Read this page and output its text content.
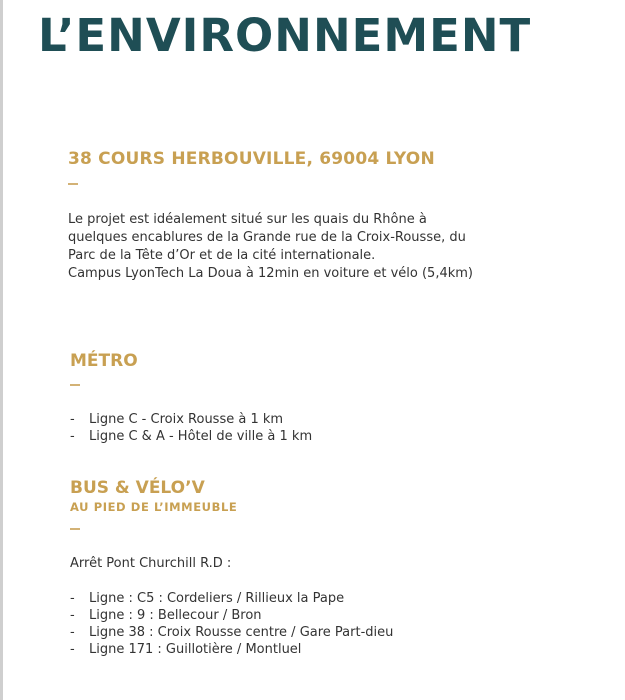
L’ENVIRONNEMENT
38 COURS HERBOUVILLE, 69004 LYON

Le projet est idéalement situé sur les quais du Rhône à quelques encablures de la Grande rue de la Croix-Rousse, du Parc de la Tête d’Or et de la cité internationale.

Campus LyonTech La Doua à 12min en voiture et vélo (5,4km)

MÉTRO
- Ligne C - Croix Rousse à 1 km
- Ligne C & A - Hôtel de ville à 1 km
BUS & VÉLO’V
AU PIED DE L’IMMEUBLE
Arrêt Pont Churchill R.D :
- Ligne : C5 : Cordeliers / Rillieux la Pape
- Ligne : 9 : Bellecour / Bron
- Ligne 38 : Croix Rousse centre / Gare Part-dieu
- Ligne 171 : Guillotière / Montluel
